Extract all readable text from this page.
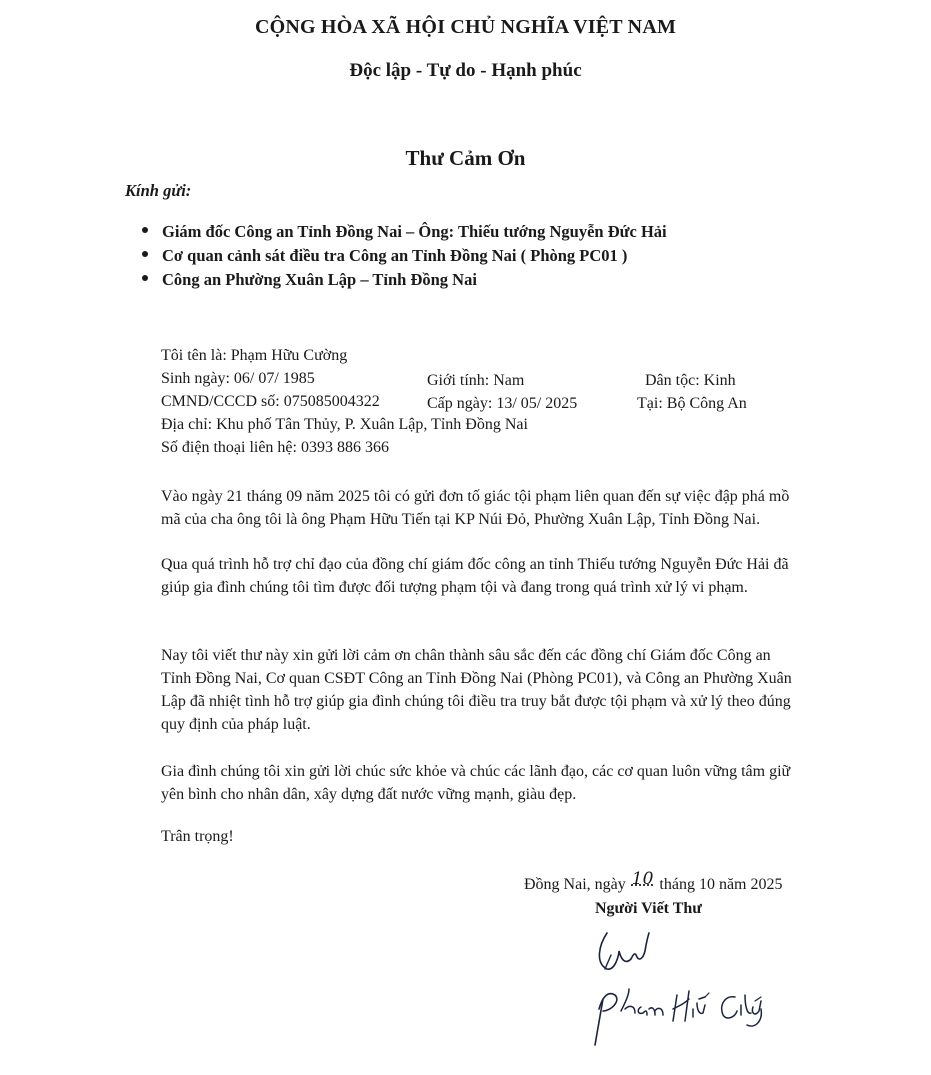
CỘNG HÒA XÃ HỘI CHỦ NGHĨA VIỆT NAM
Độc lập - Tự do - Hạnh phúc
Thư Cảm Ơn
Kính gửi:
Giám đốc Công an Tỉnh Đồng Nai – Ông: Thiếu tướng Nguyễn Đức Hải
Cơ quan cảnh sát điều tra Công an Tỉnh Đồng Nai ( Phòng PC01 )
Công an Phường Xuân Lập – Tỉnh Đồng Nai
Tôi tên là: Phạm Hữu Cường
Sinh ngày: 06/ 07/ 1985	Giới tính: Nam	Dân tộc: Kinh
CMND/CCCD số: 075085004322	Cấp ngày: 13/ 05/ 2025	Tại: Bộ Công An
Địa chỉ: Khu phố Tân Thủy, P. Xuân Lập, Tỉnh Đồng Nai
Số điện thoại liên hệ: 0393 886 366
Vào ngày 21 tháng 09 năm 2025 tôi có gửi đơn tố giác tội phạm liên quan đến sự việc đập phá mồ mã của cha ông tôi là ông Phạm Hữu Tiến tại KP Núi Đỏ, Phường Xuân Lập, Tỉnh Đồng Nai.
Qua quá trình hỗ trợ chỉ đạo của đồng chí giám đốc công an tỉnh Thiếu tướng Nguyễn Đức Hải đã giúp gia đình chúng tôi tìm được đối tượng phạm tội và đang trong quá trình xử lý vi phạm.
Nay tôi viết thư này xin gửi lời cảm ơn chân thành sâu sắc đến các đồng chí Giám đốc Công an Tỉnh Đồng Nai, Cơ quan CSĐT Công an Tỉnh Đồng Nai (Phòng PC01), và Công an Phường Xuân Lập đã nhiệt tình hỗ trợ giúp gia đình chúng tôi điều tra truy bắt được tội phạm và xử lý theo đúng quy định của pháp luật.
Gia đình chúng tôi xin gửi lời chúc sức khỏe và chúc các lãnh đạo, các cơ quan luôn vững tâm giữ yên bình cho nhân dân, xây dựng đất nước vững mạnh, giàu đẹp.
Trân trọng!
Đồng Nai, ngày 10 tháng 10 năm 2025
Người Viết Thư
